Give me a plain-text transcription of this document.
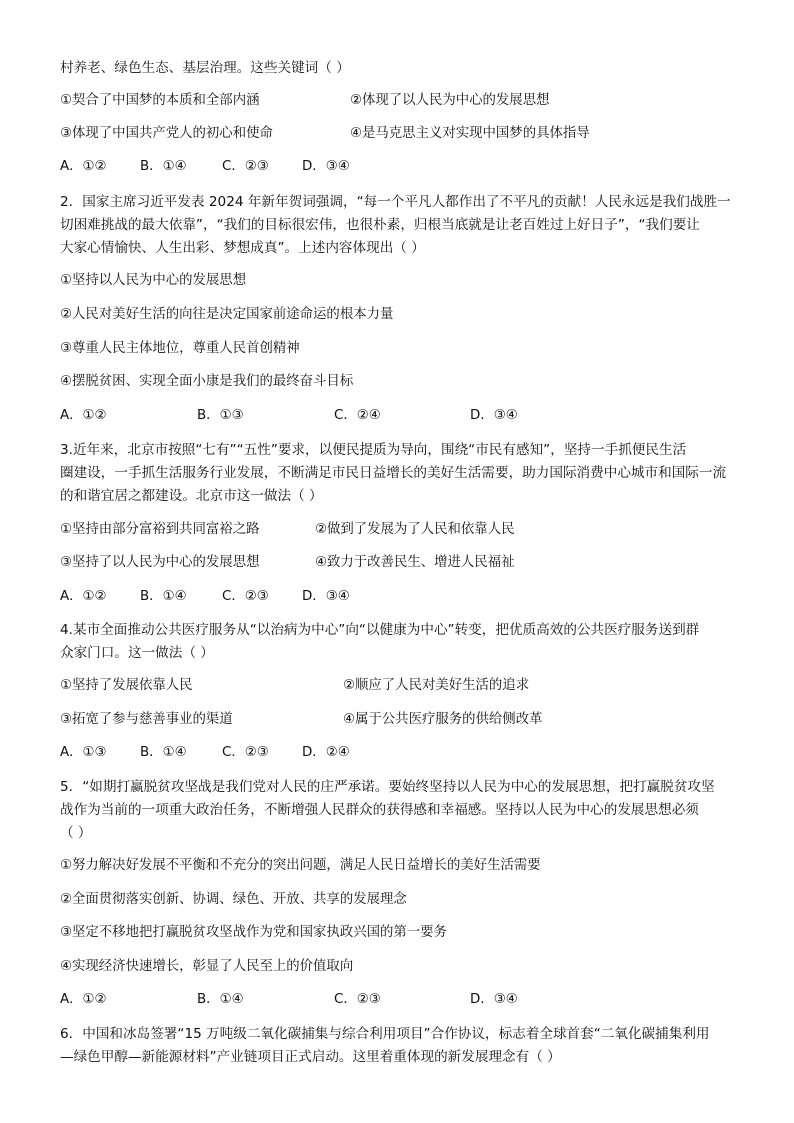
村养老、绿色生态、基层治理。这些关键词（ ）
①契合了中国梦的本质和全部内涵	②体现了以人民为中心的发展思想
③体现了中国共产党人的初心和使命	④是马克思主义对实现中国梦的具体指导
A．①② B．①④	C．②③ D．③④
2．国家主席习近平发表 2024 年新年贺词强调，“每一个平凡人都作出了不平凡的贡献！人民永远是我们战胜一
切困难挑战的最大依靠”，“我们的目标很宏伟，也很朴素，归根当底就是让老百姓过上好日子”，“我们要让
大家心情愉快、人生出彩、梦想成真”。上述内容体现出（ ）
①坚持以人民为中心的发展思想
②人民对美好生活的向往是决定国家前途命运的根本力量
③尊重人民主体地位，尊重人民首创精神
④摆脱贫困、实现全面小康是我们的最终奋斗目标
A．①②	B．①③	C．②④	D．③④
3.近年来，北京市按照“七有”“五性”要求，以便民提质为导向，围绕“市民有感知”，坚持一手抓便民生活
圈建设，一手抓生活服务行业发展，不断满足市民日益增长的美好生活需要，助力国际消费中心城市和国际一流
的和谐宜居之都建设。北京市这一做法（ ）
①坚持由部分富裕到共同富裕之路	②做到了发展为了人民和依靠人民
③坚持了以人民为中心的发展思想	④致力于改善民生、增进人民福祉
A．①② B．①④	C．②③ D．③④
4.某市全面推动公共医疗服务从“以治病为中心”向“以健康为中心”转变，把优质高效的公共医疗服务送到群
众家门口。这一做法（ ）
①坚持了发展依靠人民	②顺应了人民对美好生活的追求
③拓宽了参与慈善事业的渠道	④属于公共医疗服务的供给侧改革
A．①③ B．①④	C．②③ D．②④
5．“如期打赢脱贫攻坚战是我们党对人民的庄严承诺。要始终坚持以人民为中心的发展思想，把打赢脱贫攻坚
战作为当前的一项重大政治任务，不断增强人民群众的获得感和幸福感。坚持以人民为中心的发展思想必须
（ ）
①努力解决好发展不平衡和不充分的突出问题，满足人民日益增长的美好生活需要
②全面贯彻落实创新、协调、绿色、开放、共享的发展理念
③坚定不移地把打赢脱贫攻坚战作为党和国家执政兴国的第一要务
④实现经济快速增长，彰显了人民至上的价值取向
A．①②	B．①④	C．②③	D．③④
6．中国和冰岛签署“15 万吨级二氧化碳捕集与综合利用项目”合作协议，标志着全球首套“二氧化碳捕集利用
—绿色甲醇—新能源材料”产业链项目正式启动。这里着重体现的新发展理念有（ ）
